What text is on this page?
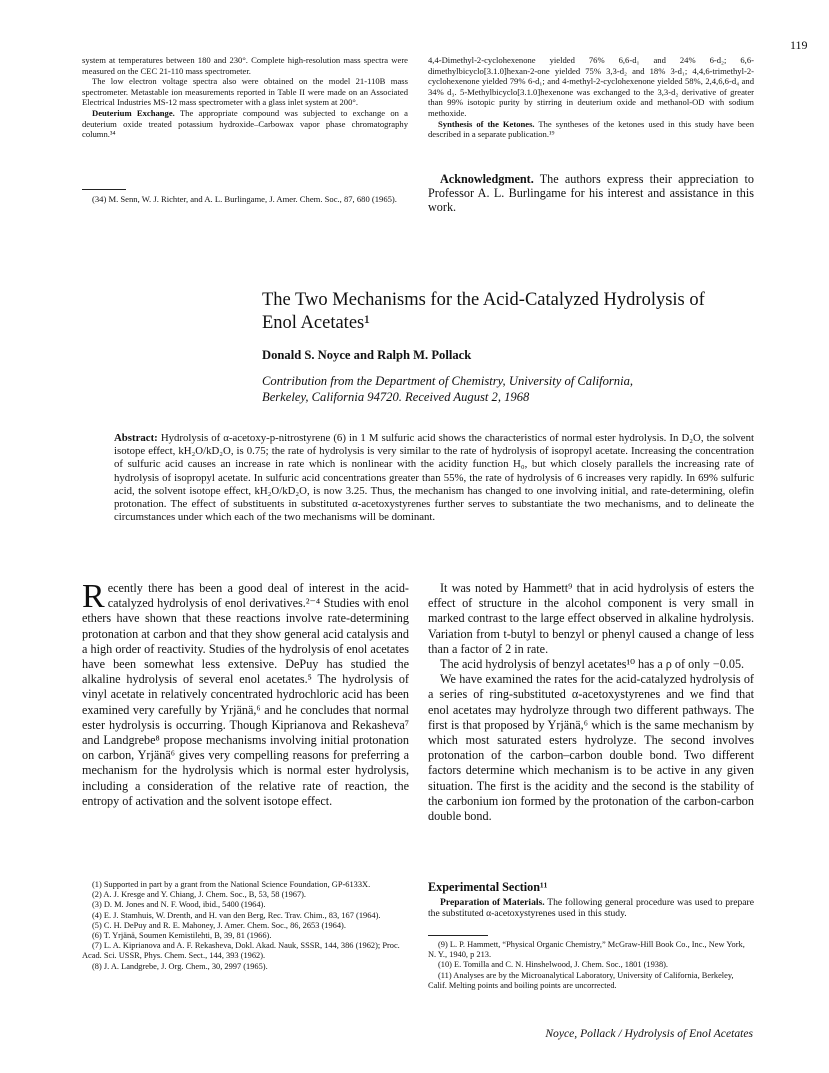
119

system at temperatures between 180 and 230°. Complete high-resolution mass spectra were measured on the CEC 21-110 mass spectrometer.

The low electron voltage spectra also were obtained on the model 21-110B mass spectrometer. Metastable ion measurements reported in Table II were made on an Associated Electrical Industries MS-12 mass spectrometer with a glass inlet system at 200°.

Deuterium Exchange. The appropriate compound was subjected to exchange on a deuterium oxide treated potassium hydroxide–Carbowax vapor phase chromatography column.³⁴

(34) M. Senn, W. J. Richter, and A. L. Burlingame, J. Amer. Chem. Soc., 87, 680 (1965).

4,4-Dimethyl-2-cyclohexenone yielded 76% 6,6-d₁ and 24% 6-d₂; 6,6-dimethylbicyclo[3.1.0]hexan-2-one yielded 75% 3,3-d₂ and 18% 3-d₁; 4,4,6-trimethyl-2-cyclohexenone yielded 79% 6-d₁; and 4-methyl-2-cyclohexenone yielded 58%, 2,4,6,6-d₄ and 34% d₃. 5-Methylbicyclo[3.1.0]hexenone was exchanged to the 3,3-d₂ derivative of greater than 99% isotopic purity by stirring in deuterium oxide and methanol-OD with sodium methoxide.

Synthesis of the Ketones. The syntheses of the ketones used in this study have been described in a separate publication.¹⁹

Acknowledgment. The authors express their appreciation to Professor A. L. Burlingame for his interest and assistance in this work.
The Two Mechanisms for the Acid-Catalyzed Hydrolysis of
Enol Acetates¹
Donald S. Noyce and Ralph M. Pollack
Contribution from the Department of Chemistry, University of California,
Berkeley, California 94720. Received August 2, 1968
Abstract: Hydrolysis of α-acetoxy-p-nitrostyrene (6) in 1 M sulfuric acid shows the characteristics of normal ester hydrolysis. In D₂O, the solvent isotope effect, kH₂O/kD₂O, is 0.75; the rate of hydrolysis is very similar to the rate of hydrolysis of isopropyl acetate. Increasing the concentration of sulfuric acid causes an increase in rate which is nonlinear with the acidity function H₀, but which closely parallels the increasing rate of hydrolysis of isopropyl acetate. In sulfuric acid concentrations greater than 55%, the rate of hydrolysis of 6 increases very rapidly. In 69% sulfuric acid, the solvent isotope effect, kH₂O/kD₂O, is now 3.25. Thus, the mechanism has changed to one involving initial, and rate-determining, olefin protonation. The effect of substituents in substituted α-acetoxystyrenes further serves to substantiate the two mechanisms, and to delineate the circumstances under which each of the two mechanisms will be dominant.

Recently there has been a good deal of interest in the acid-catalyzed hydrolysis of enol derivatives.²⁻⁴ Studies with enol ethers have shown that these reactions involve rate-determining protonation at carbon and that they show general acid catalysis and a high order of reactivity. Studies of the hydrolysis of enol acetates have been somewhat less extensive. DePuy has studied the alkaline hydrolysis of several enol acetates.⁵ The hydrolysis of vinyl acetate in relatively concentrated hydrochloric acid has been examined very carefully by Yrjänä,⁶ and he concludes that normal ester hydrolysis is occurring. Though Kiprianova and Rekasheva⁷ and Landgrebe⁸ propose mechanisms involving initial protonation on carbon, Yrjänä⁶ gives very compelling reasons for preferring a mechanism for the hydrolysis which is normal ester hydrolysis, including a consideration of the relative rate of reaction, the entropy of activation and the solvent isotope effect.

(1) Supported in part by a grant from the National Science Foundation, GP-6133X.

(2) A. J. Kresge and Y. Chiang, J. Chem. Soc., B, 53, 58 (1967).

(3) D. M. Jones and N. F. Wood, ibid., 5400 (1964).

(4) E. J. Stamhuis, W. Drenth, and H. van den Berg, Rec. Trav. Chim., 83, 167 (1964).

(5) C. H. DePuy and R. E. Mahoney, J. Amer. Chem. Soc., 86, 2653 (1964).

(6) T. Yrjänä, Soumen Kemistilehti, B, 39, 81 (1966).

(7) L. A. Kiprianova and A. F. Rekasheva, Dokl. Akad. Nauk, SSSR, 144, 386 (1962); Proc. Acad. Sci. USSR, Phys. Chem. Sect., 144, 393 (1962).

(8) J. A. Landgrebe, J. Org. Chem., 30, 2997 (1965).

It was noted by Hammett⁹ that in acid hydrolysis of esters the effect of structure in the alcohol component is very small in marked contrast to the large effect observed in alkaline hydrolysis. Variation from t-butyl to benzyl or phenyl caused a change of less than a factor of 2 in rate.

The acid hydrolysis of benzyl acetates¹⁰ has a ρ of only −0.05.

We have examined the rates for the acid-catalyzed hydrolysis of a series of ring-substituted α-acetoxystyrenes and we find that enol acetates may hydrolyze through two different pathways. The first is that proposed by Yrjänä,⁶ which is the same mechanism by which most saturated esters hydrolyze. The second involves protonation of the carbon–carbon double bond. Two different factors determine which mechanism is to be active in any given situation. The first is the acidity and the second is the stability of the carbonium ion formed by the protonation of the carbon-carbon double bond.

Experimental Section¹¹
Preparation of Materials. The following general procedure was used to prepare the substituted α-acetoxystyrenes used in this study.

(9) L. P. Hammett, “Physical Organic Chemistry,” McGraw-Hill Book Co., Inc., New York, N. Y., 1940, p 213.

(10) E. Tomilla and C. N. Hinshelwood, J. Chem. Soc., 1801 (1938).

(11) Analyses are by the Microanalytical Laboratory, University of California, Berkeley, Calif. Melting points and boiling points are uncorrected.

Noyce, Pollack / Hydrolysis of Enol Acetates
